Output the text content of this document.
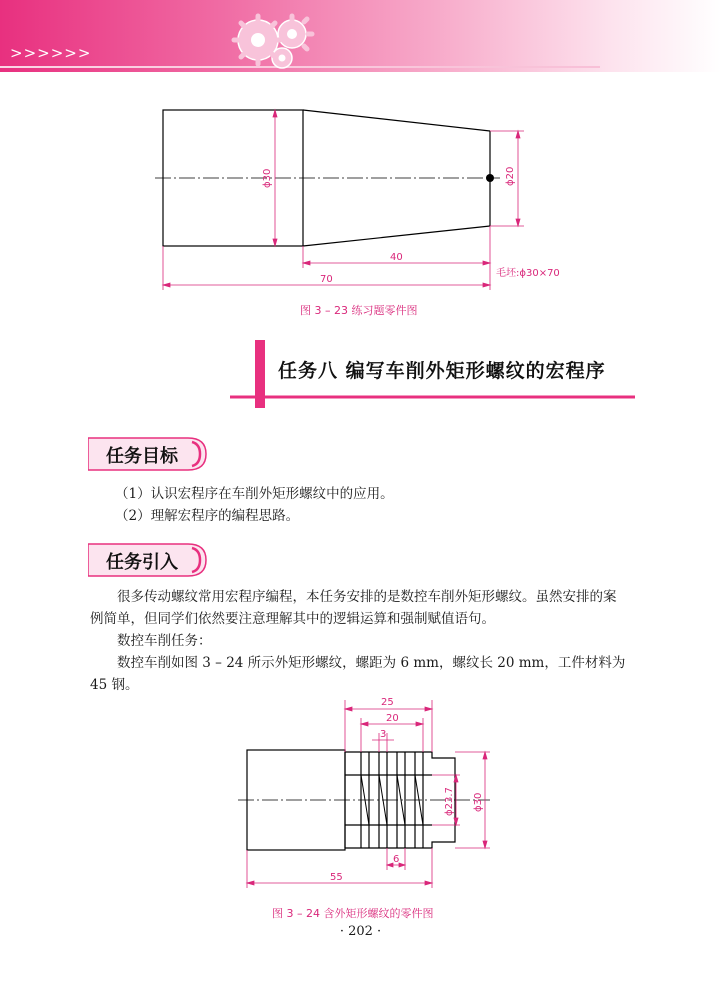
>>>>>>
ϕ30	ϕ20
40
70
毛坯:ϕ30×70
图 3 – 23 练习题零件图
任务八 编写车削外矩形螺纹的宏程序
任务目标
（1）认识宏程序在车削外矩形螺纹中的应用。
（2）理解宏程序的编程思路。
任务引入
很多传动螺纹常用宏程序编程，本任务安排的是数控车削外矩形螺纹。虽然安排的案
例简单，但同学们依然要注意理解其中的逻辑运算和强制赋值语句。
数控车削任务：
数控车削如图 3 – 24 所示外矩形螺纹，螺距为 6 mm，螺纹长 20 mm，工件材料为
45 钢。
25
20
3
ϕ23.7 ϕ30
6
55
图 3 – 24 含外矩形螺纹的零件图
· 202 ·
